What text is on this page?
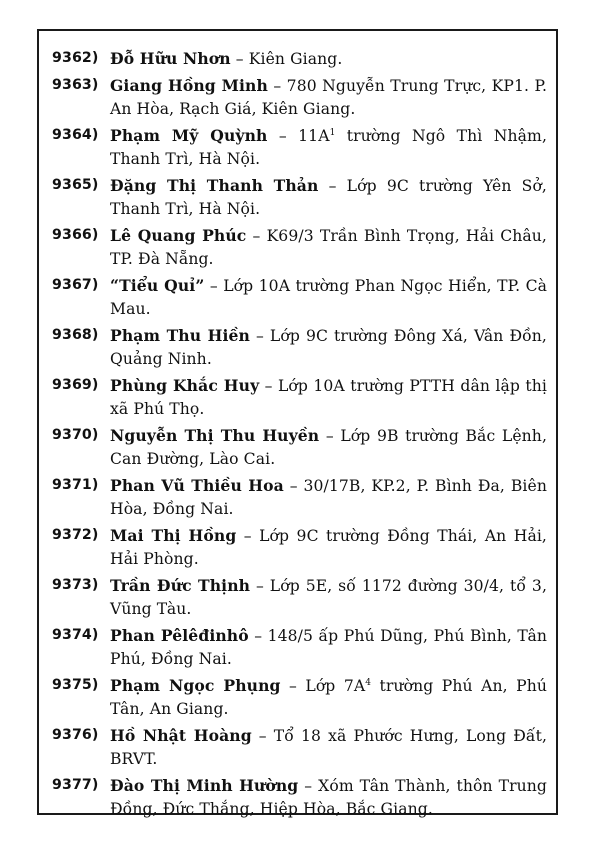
9362) Đỗ Hữu Nhơn – Kiên Giang.
9363) Giang Hồng Minh – 780 Nguyễn Trung Trực, KP1. P. An Hòa, Rạch Giá, Kiên Giang.
9364) Phạm Mỹ Quỳnh – $11A^1$ trường Ngô Thì Nhậm, Thanh Trì, Hà Nội.
9365) Đặng Thị Thanh Thản – Lớp 9C trường Yên Sở, Thanh Trì, Hà Nội.
9366) Lê Quang Phúc – K69/3 Trần Bình Trọng, Hải Châu, TP. Đà Nẵng.
9367) “Tiểu Quỉ” – Lớp 10A trường Phan Ngọc Hiển, TP. Cà Mau.
9368) Phạm Thu Hiền – Lớp 9C trường Đông Xá, Vân Đồn, Quảng Ninh.
9369) Phùng Khắc Huy – Lớp 10A trường PTTH dân lập thị xã Phú Thọ.
9370) Nguyễn Thị Thu Huyền – Lớp 9B trường Bắc Lệnh, Can Đường, Lào Cai.
9371) Phan Vũ Thiều Hoa – 30/17B, KP.2, P. Bình Đa, Biên Hòa, Đồng Nai.
9372) Mai Thị Hồng – Lớp 9C trường Đồng Thái, An Hải, Hải Phòng.
9373) Trần Đức Thịnh – Lớp 5E, số 1172 đường 30/4, tổ 3, Vũng Tàu.
9374) Phan Pêlêđinhô – 148/5 ấp Phú Dũng, Phú Bình, Tân Phú, Đồng Nai.
9375) Phạm Ngọc Phụng – Lớp $7A^4$ trường Phú An, Phú Tân, An Giang.
9376) Hồ Nhật Hoàng – Tổ 18 xã Phước Hưng, Long Đất, BRVT.
9377) Đào Thị Minh Hường – Xóm Tân Thành, thôn Trung Đồng, Đức Thắng, Hiệp Hòa, Bắc Giang.
